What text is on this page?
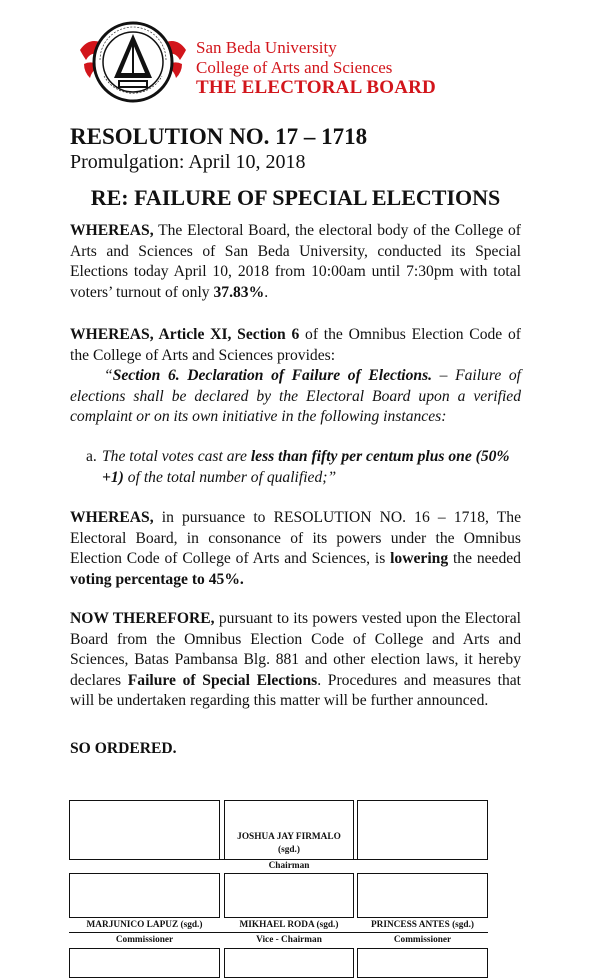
San Beda University
College of Arts and Sciences
THE ELECTORAL BOARD
RESOLUTION NO. 17 – 1718
Promulgation: April 10, 2018
RE: FAILURE OF SPECIAL ELECTIONS
WHEREAS, The Electoral Board, the electoral body of the College of Arts and Sciences of San Beda University, conducted its Special Elections today April 10, 2018 from 10:00am until 7:30pm with total voters’ turnout of only 37.83%.
WHEREAS, Article XI, Section 6 of the Omnibus Election Code of the College of Arts and Sciences provides:
“Section 6. Declaration of Failure of Elections. – Failure of elections shall be declared by the Electoral Board upon a verified complaint or on its own initiative in the following instances:
a. The total votes cast are less than fifty per centum plus one (50% +1) of the total number of qualified;”
WHEREAS, in pursuance to RESOLUTION NO. 16 – 1718, The Electoral Board, in consonance of its powers under the Omnibus Election Code of College of Arts and Sciences, is lowering the needed voting percentage to 45%.
NOW THEREFORE, pursuant to its powers vested upon the Electoral Board from the Omnibus Election Code of College and Arts and Sciences, Batas Pambansa Blg. 881 and other election laws, it hereby declares Failure of Special Elections. Procedures and measures that will be undertaken regarding this matter will be further announced.
SO ORDERED.
JOSHUA JAY FIRMALO
(sgd.)
Chairman
MARJUNICO LAPUZ (sgd.)	MIKHAEL RODA (sgd.)	PRINCESS ANTES (sgd.)
Commissioner	Vice - Chairman	Commissioner
